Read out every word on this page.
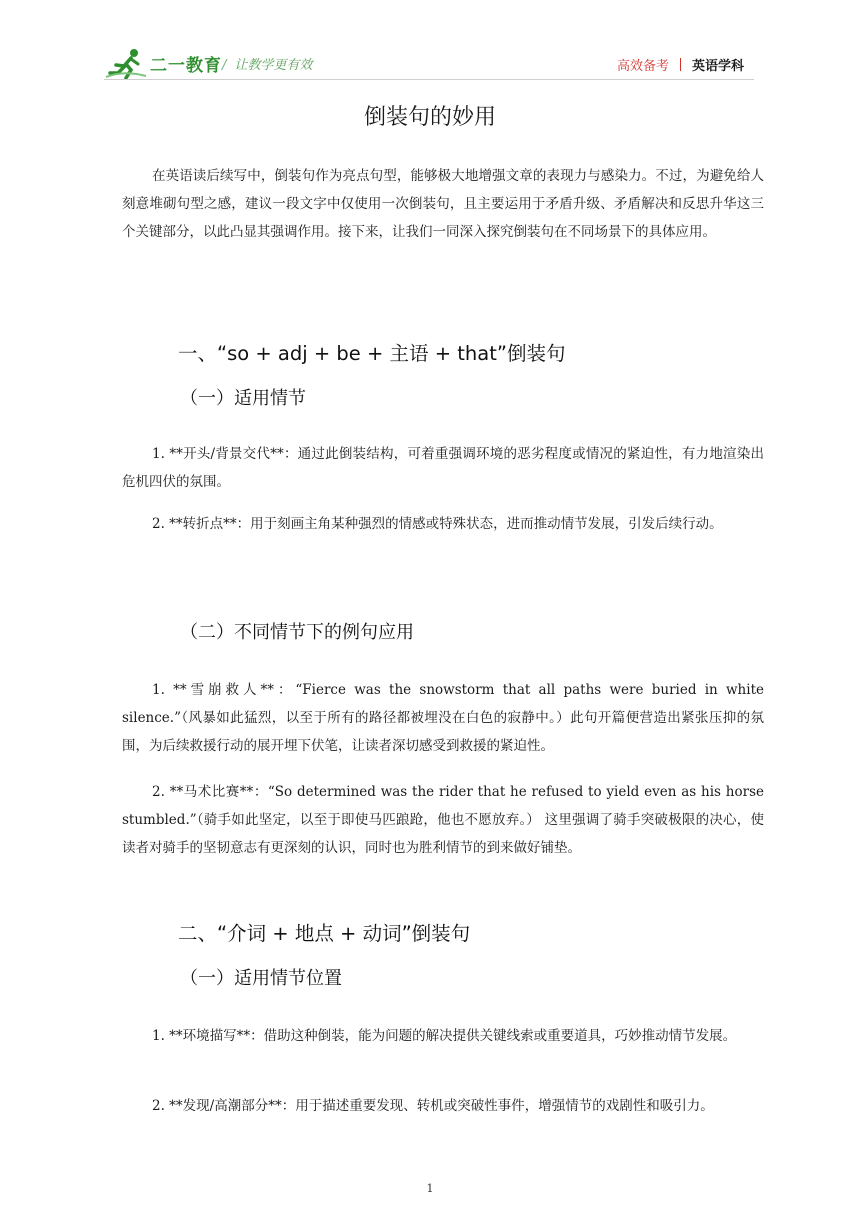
二一教育 / 让教学更有效	高效备考 英语学科
倒装句的妙用

在英语读后续写中，倒装句作为亮点句型，能够极大地增强文章的表现力与感染力。不过，为避免给人刻意堆砌句型之感，建议一段文字中仅使用一次倒装句，且主要运用于矛盾升级、矛盾解决和反思升华这三个关键部分，以此凸显其强调作用。接下来，让我们一同深入探究倒装句在不同场景下的具体应用。

一、“so + adj + be + 主语 + that”倒装句
（一）适用情节

1. **开头/背景交代**：通过此倒装结构，可着重强调环境的恶劣程度或情况的紧迫性，有力地渲染出危机四伏的氛围。

2. **转折点**：用于刻画主角某种强烈的情感或特殊状态，进而推动情节发展，引发后续行动。

（二）不同情节下的例句应用

1. **雪崩救人**：“Fierce was the snowstorm that all paths were buried in white silence.”（风暴如此猛烈，以至于所有的路径都被埋没在白色的寂静中。）此句开篇便营造出紧张压抑的氛围，为后续救援行动的展开埋下伏笔，让读者深切感受到救援的紧迫性。

2. **马术比赛**：“So determined was the rider that he refused to yield even as his horse stumbled.”（骑手如此坚定，以至于即使马匹踉跄，他也不愿放弃。） 这里强调了骑手突破极限的决心，使读者对骑手的坚韧意志有更深刻的认识，同时也为胜利情节的到来做好铺垫。

二、“介词 + 地点 + 动词”倒装句
（一）适用情节位置

1. **环境描写**：借助这种倒装，能为问题的解决提供关键线索或重要道具，巧妙推动情节发展。

2. **发现/高潮部分**：用于描述重要发现、转机或突破性事件，增强情节的戏剧性和吸引力。

1
